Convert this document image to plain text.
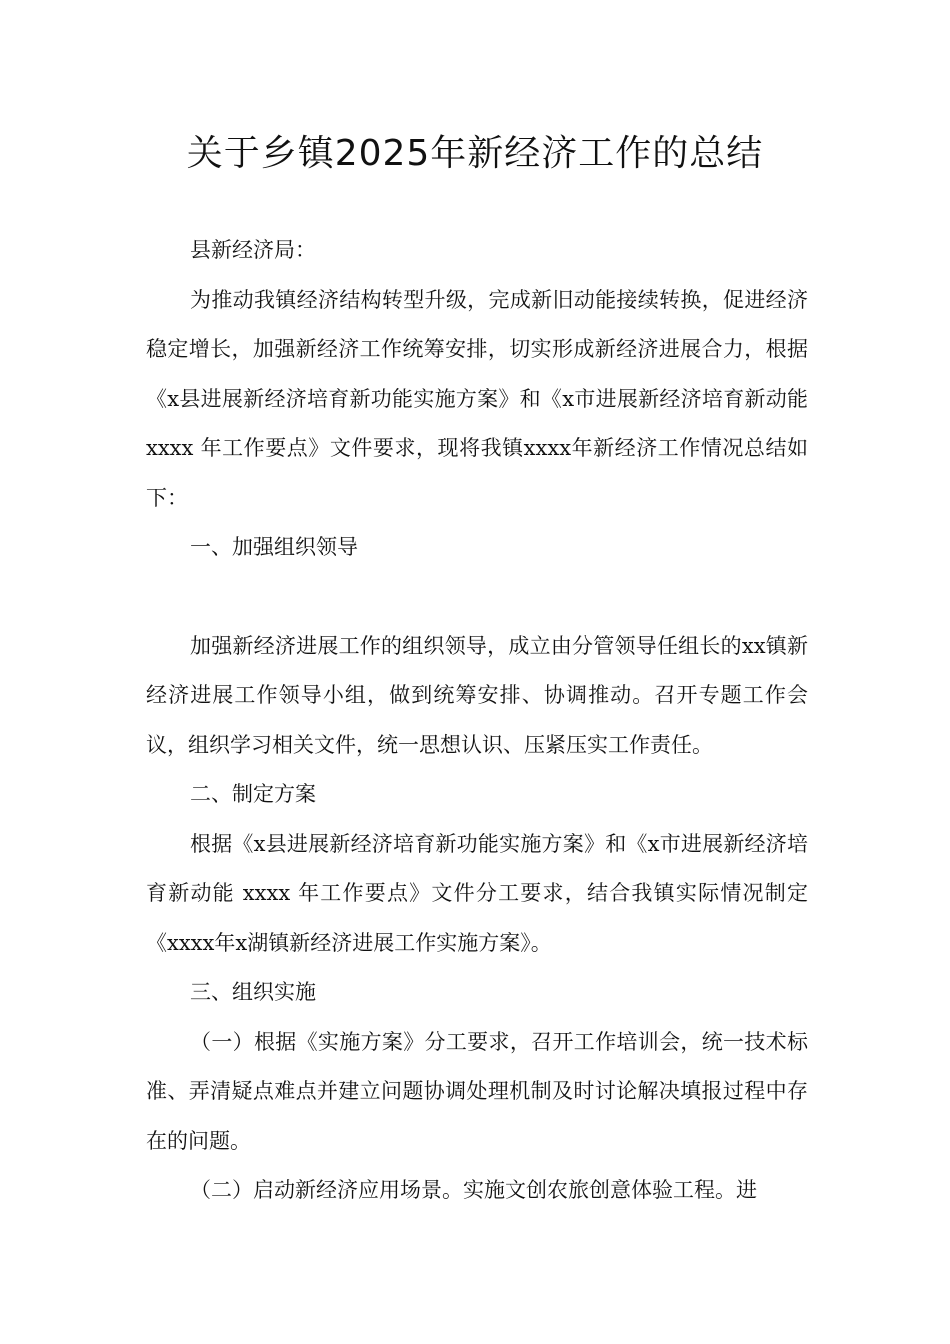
关于乡镇2025年新经济工作的总结

县新经济局：

为推动我镇经济结构转型升级，完成新旧动能接续转换，促进经济稳定增长，加强新经济工作统筹安排，切实形成新经济进展合力，根据《x县进展新经济培育新功能实施方案》和《x市进展新经济培育新动能 xxxx 年工作要点》文件要求，现将我镇xxxx年新经济工作情况总结如下：

一、加强组织领导

加强新经济进展工作的组织领导，成立由分管领导任组长的xx镇新经济进展工作领导小组，做到统筹安排、协调推动。召开专题工作会议，组织学习相关文件，统一思想认识、压紧压实工作责任。

二、制定方案

根据《x县进展新经济培育新功能实施方案》和《x市进展新经济培育新动能 xxxx 年工作要点》文件分工要求，结合我镇实际情况制定《xxxx年x湖镇新经济进展工作实施方案》。

三、组织实施

（一）根据《实施方案》分工要求，召开工作培训会，统一技术标准、弄清疑点难点并建立问题协调处理机制及时讨论解决填报过程中存在的问题。

（二）启动新经济应用场景。实施文创农旅创意体验工程。进
